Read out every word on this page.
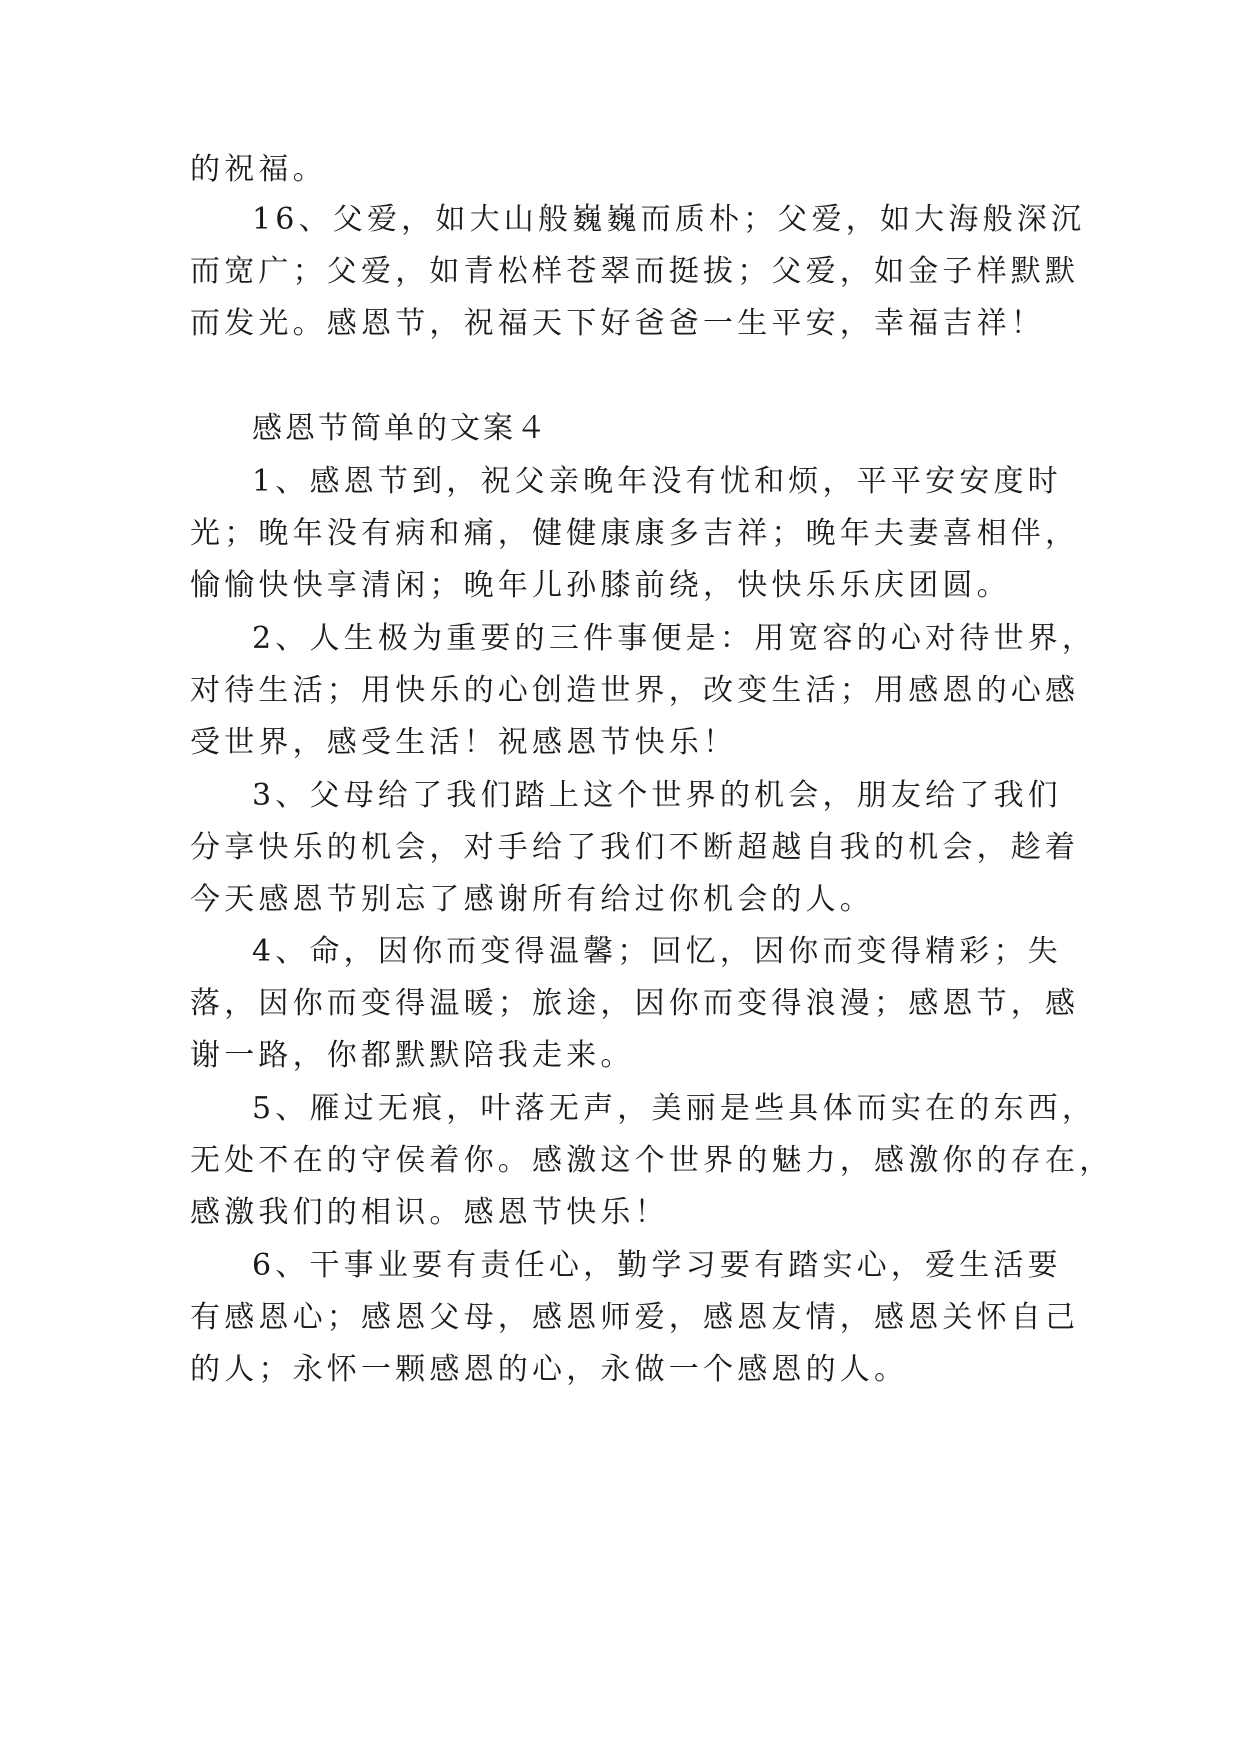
的祝福。
16、父爱，如大山般巍巍而质朴；父爱，如大海般深沉
而宽广；父爱，如青松样苍翠而挺拔；父爱，如金子样默默
而发光。感恩节，祝福天下好爸爸一生平安，幸福吉祥！
感恩节简单的文案４
1、感恩节到，祝父亲晚年没有忧和烦，平平安安度时
光；晚年没有病和痛，健健康康多吉祥；晚年夫妻喜相伴，
愉愉快快享清闲；晚年儿孙膝前绕，快快乐乐庆团圆。
2、人生极为重要的三件事便是：用宽容的心对待世界，
对待生活；用快乐的心创造世界，改变生活；用感恩的心感
受世界，感受生活！祝感恩节快乐！
3、父母给了我们踏上这个世界的机会，朋友给了我们
分享快乐的机会，对手给了我们不断超越自我的机会，趁着
今天感恩节别忘了感谢所有给过你机会的人。
4、命，因你而变得温馨；回忆，因你而变得精彩；失
落，因你而变得温暖；旅途，因你而变得浪漫；感恩节，感
谢一路，你都默默陪我走来。
5、雁过无痕，叶落无声，美丽是些具体而实在的东西，
无处不在的守侯着你。感激这个世界的魅力，感激你的存在，
感激我们的相识。感恩节快乐！
6、干事业要有责任心，勤学习要有踏实心，爱生活要
有感恩心；感恩父母，感恩师爱，感恩友情，感恩关怀自己
的人；永怀一颗感恩的心，永做一个感恩的人。
